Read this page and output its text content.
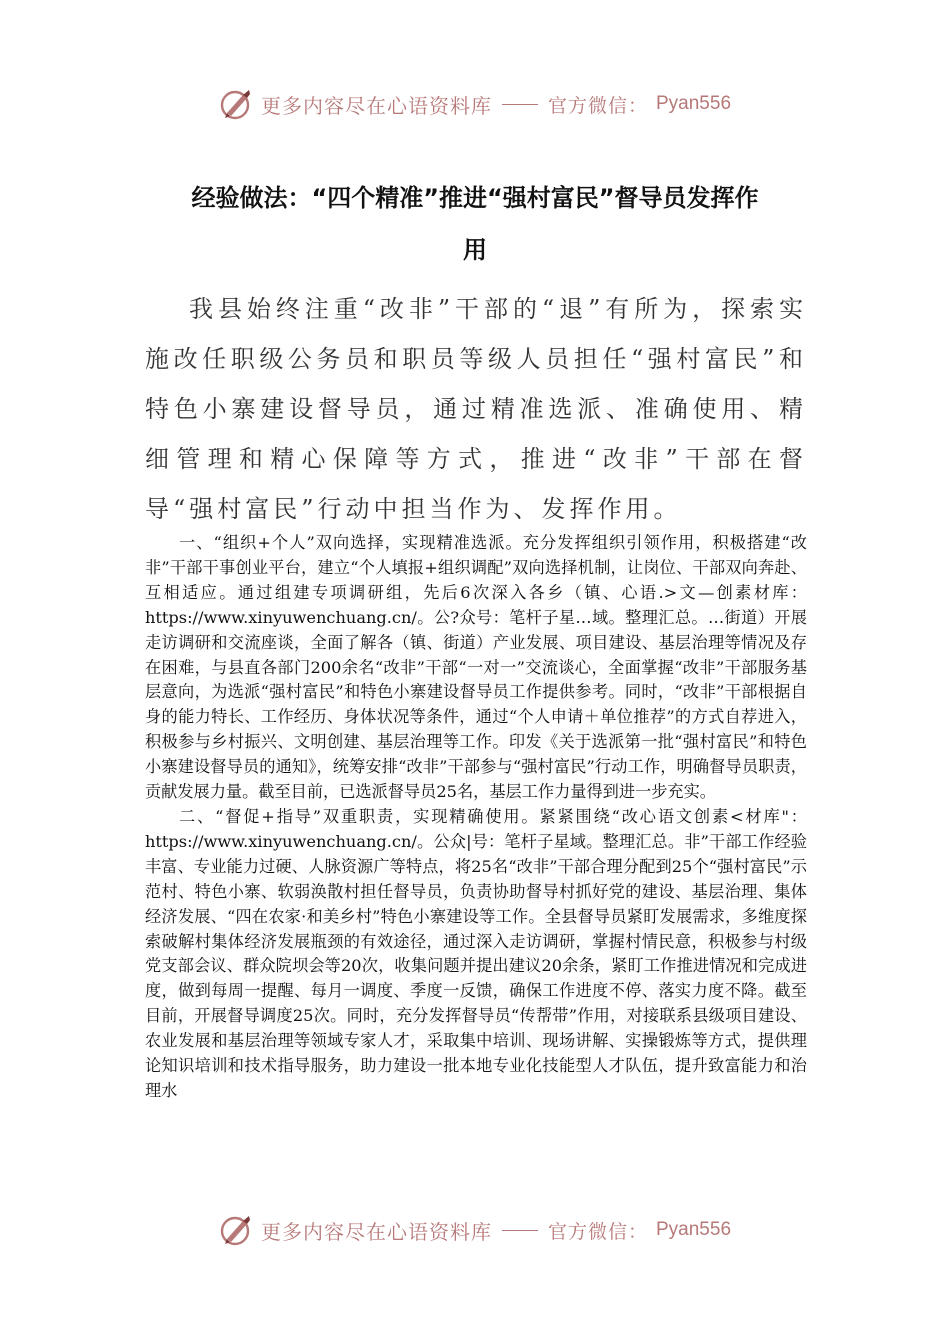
更多内容尽在心语资料库	官方微信： Pyan556
经验做法：“四个精准”推进“强村富民”督导员发挥作
用

我县始终注重“改非”干部的“退”有所为，探索实施改任职级公务员和职员等级人员担任“强村富民”和特色小寨建设督导员，通过精准选派、准确使用、精细管理和精心保障等方式，推进“改非”干部在督导“强村富民”行动中担当作为、发挥作用。

一、“组织+个人”双向选择，实现精准选派。充分发挥组织引领作用，积极搭建“改非”干部干事创业平台，建立“个人填报+组织调配”双向选择机制，让岗位、干部双向奔赴、互相适应。通过组建专项调研组，先后6次深入各乡（镇、心语.>文—创素材库：https://www.xinyuwenchuang.cn/。公?众号：笔杆子星…域。整理汇总。…街道）开展走访调研和交流座谈，全面了解各（镇、街道）产业发展、项目建设、基层治理等情况及存在困难，与县直各部门200余名“改非”干部“一对一”交流谈心，全面掌握“改非”干部服务基层意向，为选派“强村富民”和特色小寨建设督导员工作提供参考。同时，“改非”干部根据自身的能力特长、工作经历、身体状况等条件，通过“个人申请＋单位推荐”的方式自荐进入，积极参与乡村振兴、文明创建、基层治理等工作。印发《关于选派第一批“强村富民”和特色小寨建设督导员的通知》，统筹安排“改非”干部参与“强村富民”行动工作，明确督导员职责，贡献发展力量。截至目前，已选派督导员25名，基层工作力量得到进一步充实。

二、“督促+指导”双重职责，实现精确使用。紧紧围绕“改心语文创素<材库"：https://www.xinyuwenchuang.cn/。公众|号：笔杆子星域。整理汇总。非”干部工作经验丰富、专业能力过硬、人脉资源广等特点，将25名“改非”干部合理分配到25个“强村富民”示范村、特色小寨、软弱涣散村担任督导员，负责协助督导村抓好党的建设、基层治理、集体经济发展、“四在农家·和美乡村”特色小寨建设等工作。全县督导员紧盯发展需求，多维度探索破解村集体经济发展瓶颈的有效途径，通过深入走访调研，掌握村情民意，积极参与村级党支部会议、群众院坝会等20次，收集问题并提出建议20余条，紧盯工作推进情况和完成进度，做到每周一提醒、每月一调度、季度一反馈，确保工作进度不停、落实力度不降。截至目前，开展督导调度25次。同时，充分发挥督导员“传帮带”作用，对接联系县级项目建设、农业发展和基层治理等领域专家人才，采取集中培训、现场讲解、实操锻炼等方式，提供理论知识培训和技术指导服务，助力建设一批本地专业化技能型人才队伍，提升致富能力和治理水

更多内容尽在心语资料库	官方微信： Pyan556
